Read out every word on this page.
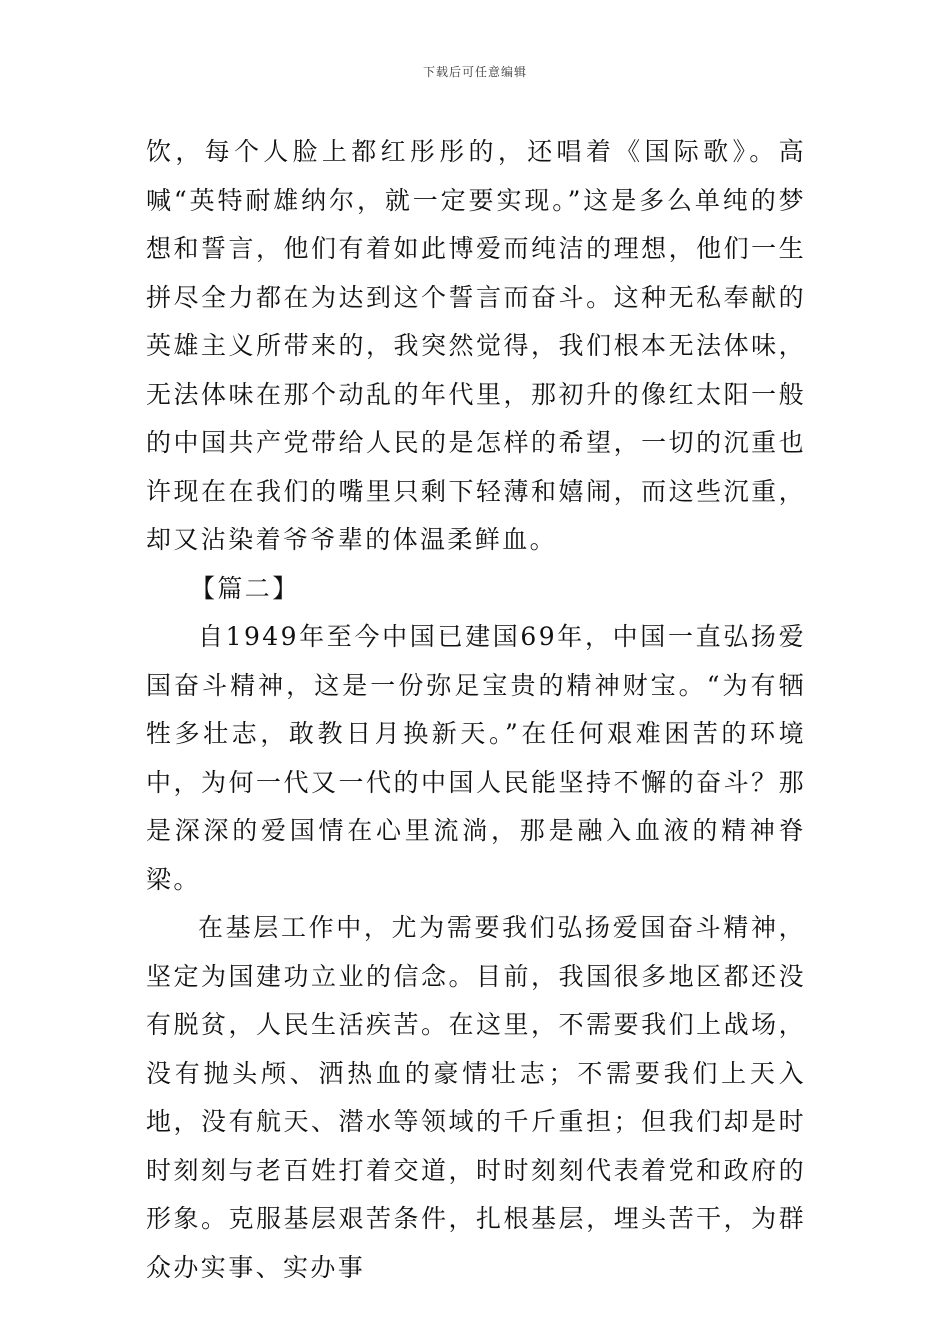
下载后可任意编辑

饮，每个人脸上都红彤彤的，还唱着《国际歌》。高喊“英特耐雄纳尔，就一定要实现。”这是多么单纯的梦想和誓言，他们有着如此博爱而纯洁的理想，他们一生拼尽全力都在为达到这个誓言而奋斗。这种无私奉献的英雄主义所带来的，我突然觉得，我们根本无法体味，无法体味在那个动乱的年代里，那初升的像红太阳一般的中国共产党带给人民的是怎样的希望，一切的沉重也许现在在我们的嘴里只剩下轻薄和嬉闹，而这些沉重，却又沾染着爷爷辈的体温柔鲜血。

【篇二】

自1949年至今中国已建国69年，中国一直弘扬爱国奋斗精神，这是一份弥足宝贵的精神财宝。“为有牺牲多壮志，敢教日月换新天。”在任何艰难困苦的环境中，为何一代又一代的中国人民能坚持不懈的奋斗？那是深深的爱国情在心里流淌，那是融入血液的精神脊梁。

在基层工作中，尤为需要我们弘扬爱国奋斗精神，坚定为国建功立业的信念。目前，我国很多地区都还没有脱贫，人民生活疾苦。在这里，不需要我们上战场，没有抛头颅、洒热血的豪情壮志；不需要我们上天入地，没有航天、潜水等领域的千斤重担；但我们却是时时刻刻与老百姓打着交道，时时刻刻代表着党和政府的形象。克服基层艰苦条件，扎根基层，埋头苦干，为群众办实事、实办事
